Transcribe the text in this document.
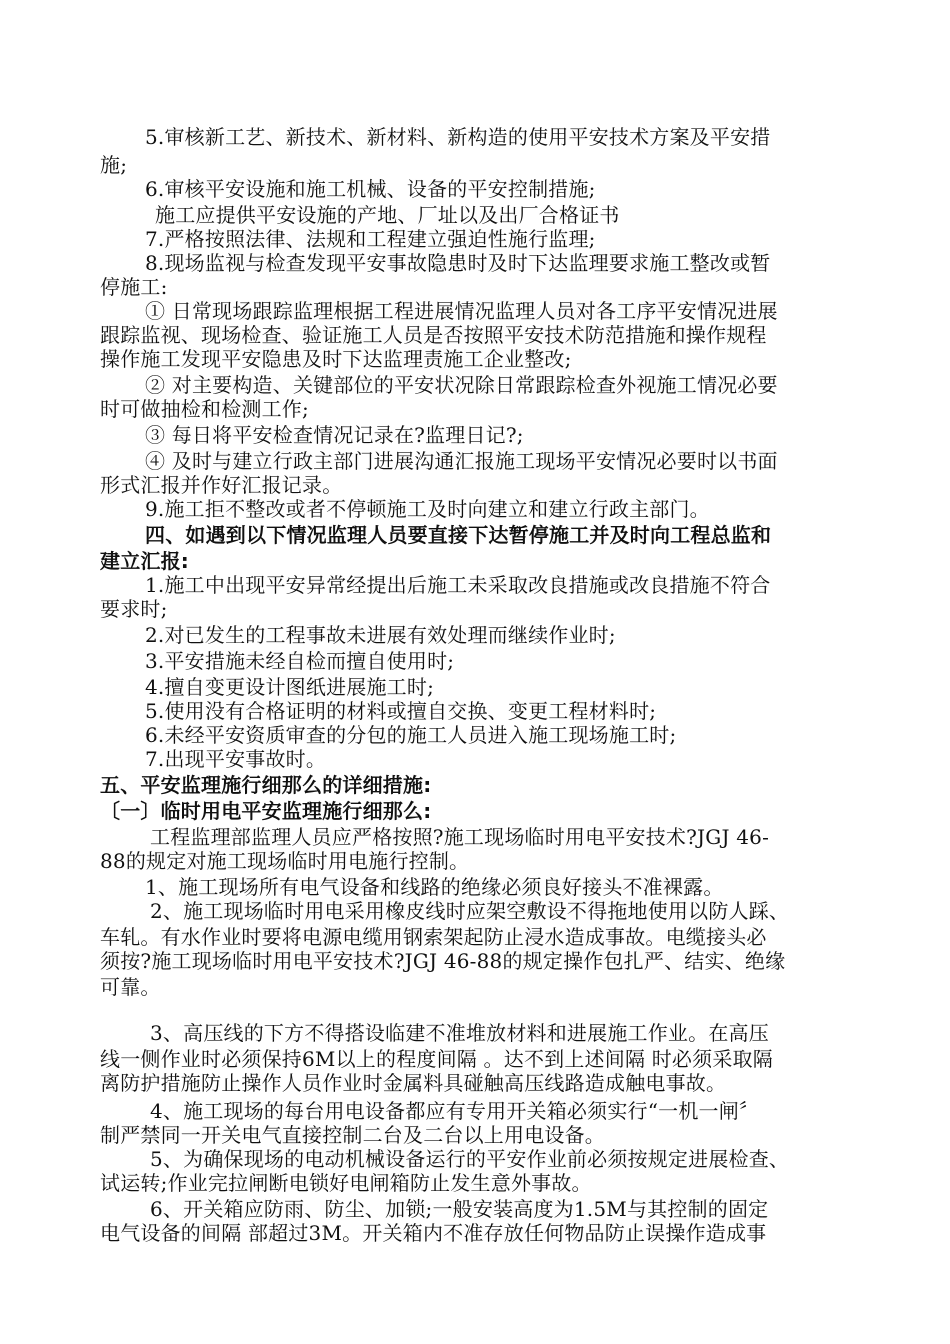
5.审核新工艺、新技术、新材料、新构造的使用平安技术方案及平安措
施;
6.审核平安设施和施工机械、设备的平安控制措施;
施工应提供平安设施的产地、厂址以及出厂合格证书
7.严格按照法律、法规和工程建立强迫性施行监理;
8.现场监视与检查发现平安事故隐患时及时下达监理要求施工整改或暂
停施工:
① 日常现场跟踪监理根据工程进展情况监理人员对各工序平安情况进展
跟踪监视、现场检查、验证施工人员是否按照平安技术防范措施和操作规程
操作施工发现平安隐患及时下达监理责施工企业整改;
② 对主要构造、关键部位的平安状况除日常跟踪检查外视施工情况必要
时可做抽检和检测工作;
③ 每日将平安检查情况记录在?监理日记?;
④ 及时与建立行政主部门进展沟通汇报施工现场平安情况必要时以书面
形式汇报并作好汇报记录。
9.施工拒不整改或者不停顿施工及时向建立和建立行政主部门。
四、如遇到以下情况监理人员要直接下达暂停施工并及时向工程总监和
建立汇报:
1.施工中出现平安异常经提出后施工未采取改良措施或改良措施不符合
要求时;
2.对已发生的工程事故未进展有效处理而继续作业时;
3.平安措施未经自检而擅自使用时;
4.擅自变更设计图纸进展施工时;
5.使用没有合格证明的材料或擅自交换、变更工程材料时;
6.未经平安资质审查的分包的施工人员进入施工现场施工时;
7.出现平安事故时。
五、平安监理施行细那么的详细措施:
〔一〕临时用电平安监理施行细那么:
工程监理部监理人员应严格按照?施工现场临时用电平安技术?JGJ 46-
88的规定对施工现场临时用电施行控制。
1、施工现场所有电气设备和线路的绝缘必须良好接头不准裸露。
2、施工现场临时用电采用橡皮线时应架空敷设不得拖地使用以防人踩、
车轧。有水作业时要将电源电缆用钢索架起防止浸水造成事故。电缆接头必
须按?施工现场临时用电平安技术?JGJ 46-88的规定操作包扎严、结实、绝缘
可靠。
3、高压线的下方不得搭设临建不准堆放材料和进展施工作业。在高压
线一侧作业时必须保持6M以上的程度间隔 。达不到上述间隔 时必须采取隔
离防护措施防止操作人员作业时金属料具碰触高压线路造成触电事故。
4、施工现场的每台用电设备都应有专用开关箱必须实行“一机一闸〞
制严禁同一开关电气直接控制二台及二台以上用电设备。
5、为确保现场的电动机械设备运行的平安作业前必须按规定进展检查、
试运转;作业完拉闸断电锁好电闸箱防止发生意外事故。
6、开关箱应防雨、防尘、加锁;一般安装高度为1.5M与其控制的固定
电气设备的间隔 部超过3M。开关箱内不准存放任何物品防止误操作造成事
